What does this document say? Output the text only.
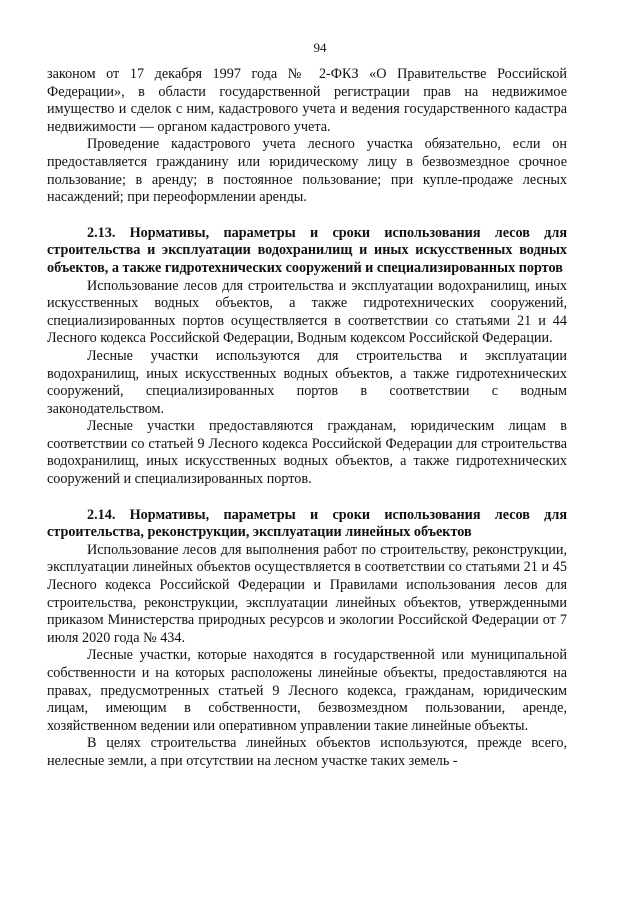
94

законом от 17 декабря 1997 года № 2-ФКЗ «О Правительстве Российской Федерации», в области государственной регистрации прав на недвижимое имущество и сделок с ним, кадастрового учета и ведения государственного кадастра недвижимости — органом кадастрового учета.

Проведение кадастрового учета лесного участка обязательно, если он предоставляется гражданину или юридическому лицу в безвозмездное срочное пользование; в аренду; в постоянное пользование; при купле-продаже лесных насаждений; при переоформлении аренды.

2.13. Нормативы, параметры и сроки использования лесов для строительства и эксплуатации водохранилищ и иных искусственных водных объектов, а также гидротехнических сооружений и специализированных портов

Использование лесов для строительства и эксплуатации водохранилищ, иных искусственных водных объектов, а также гидротехнических сооружений, специализированных портов осуществляется в соответствии со статьями 21 и 44 Лесного кодекса Российской Федерации, Водным кодексом Российской Федерации.

Лесные участки используются для строительства и эксплуатации водохранилищ, иных искусственных водных объектов, а также гидротехнических сооружений, специализированных портов в соответствии с водным законодательством.

Лесные участки предоставляются гражданам, юридическим лицам в соответствии со статьей 9 Лесного кодекса Российской Федерации для строительства водохранилищ, иных искусственных водных объектов, а также гидротехнических сооружений и специализированных портов.

2.14. Нормативы, параметры и сроки использования лесов для строительства, реконструкции, эксплуатации линейных объектов

Использование лесов для выполнения работ по строительству, реконструкции, эксплуатации линейных объектов осуществляется в соответствии со статьями 21 и 45 Лесного кодекса Российской Федерации и Правилами использования лесов для строительства, реконструкции, эксплуатации линейных объектов, утвержденными приказом Министерства природных ресурсов и экологии Российской Федерации от 7 июля 2020 года № 434.

Лесные участки, которые находятся в государственной или муниципальной собственности и на которых расположены линейные объекты, предоставляются на правах, предусмотренных статьей 9 Лесного кодекса, гражданам, юридическим лицам, имеющим в собственности, безвозмездном пользовании, аренде, хозяйственном ведении или оперативном управлении такие линейные объекты.

В целях строительства линейных объектов используются, прежде всего, нелесные земли, а при отсутствии на лесном участке таких земель -
